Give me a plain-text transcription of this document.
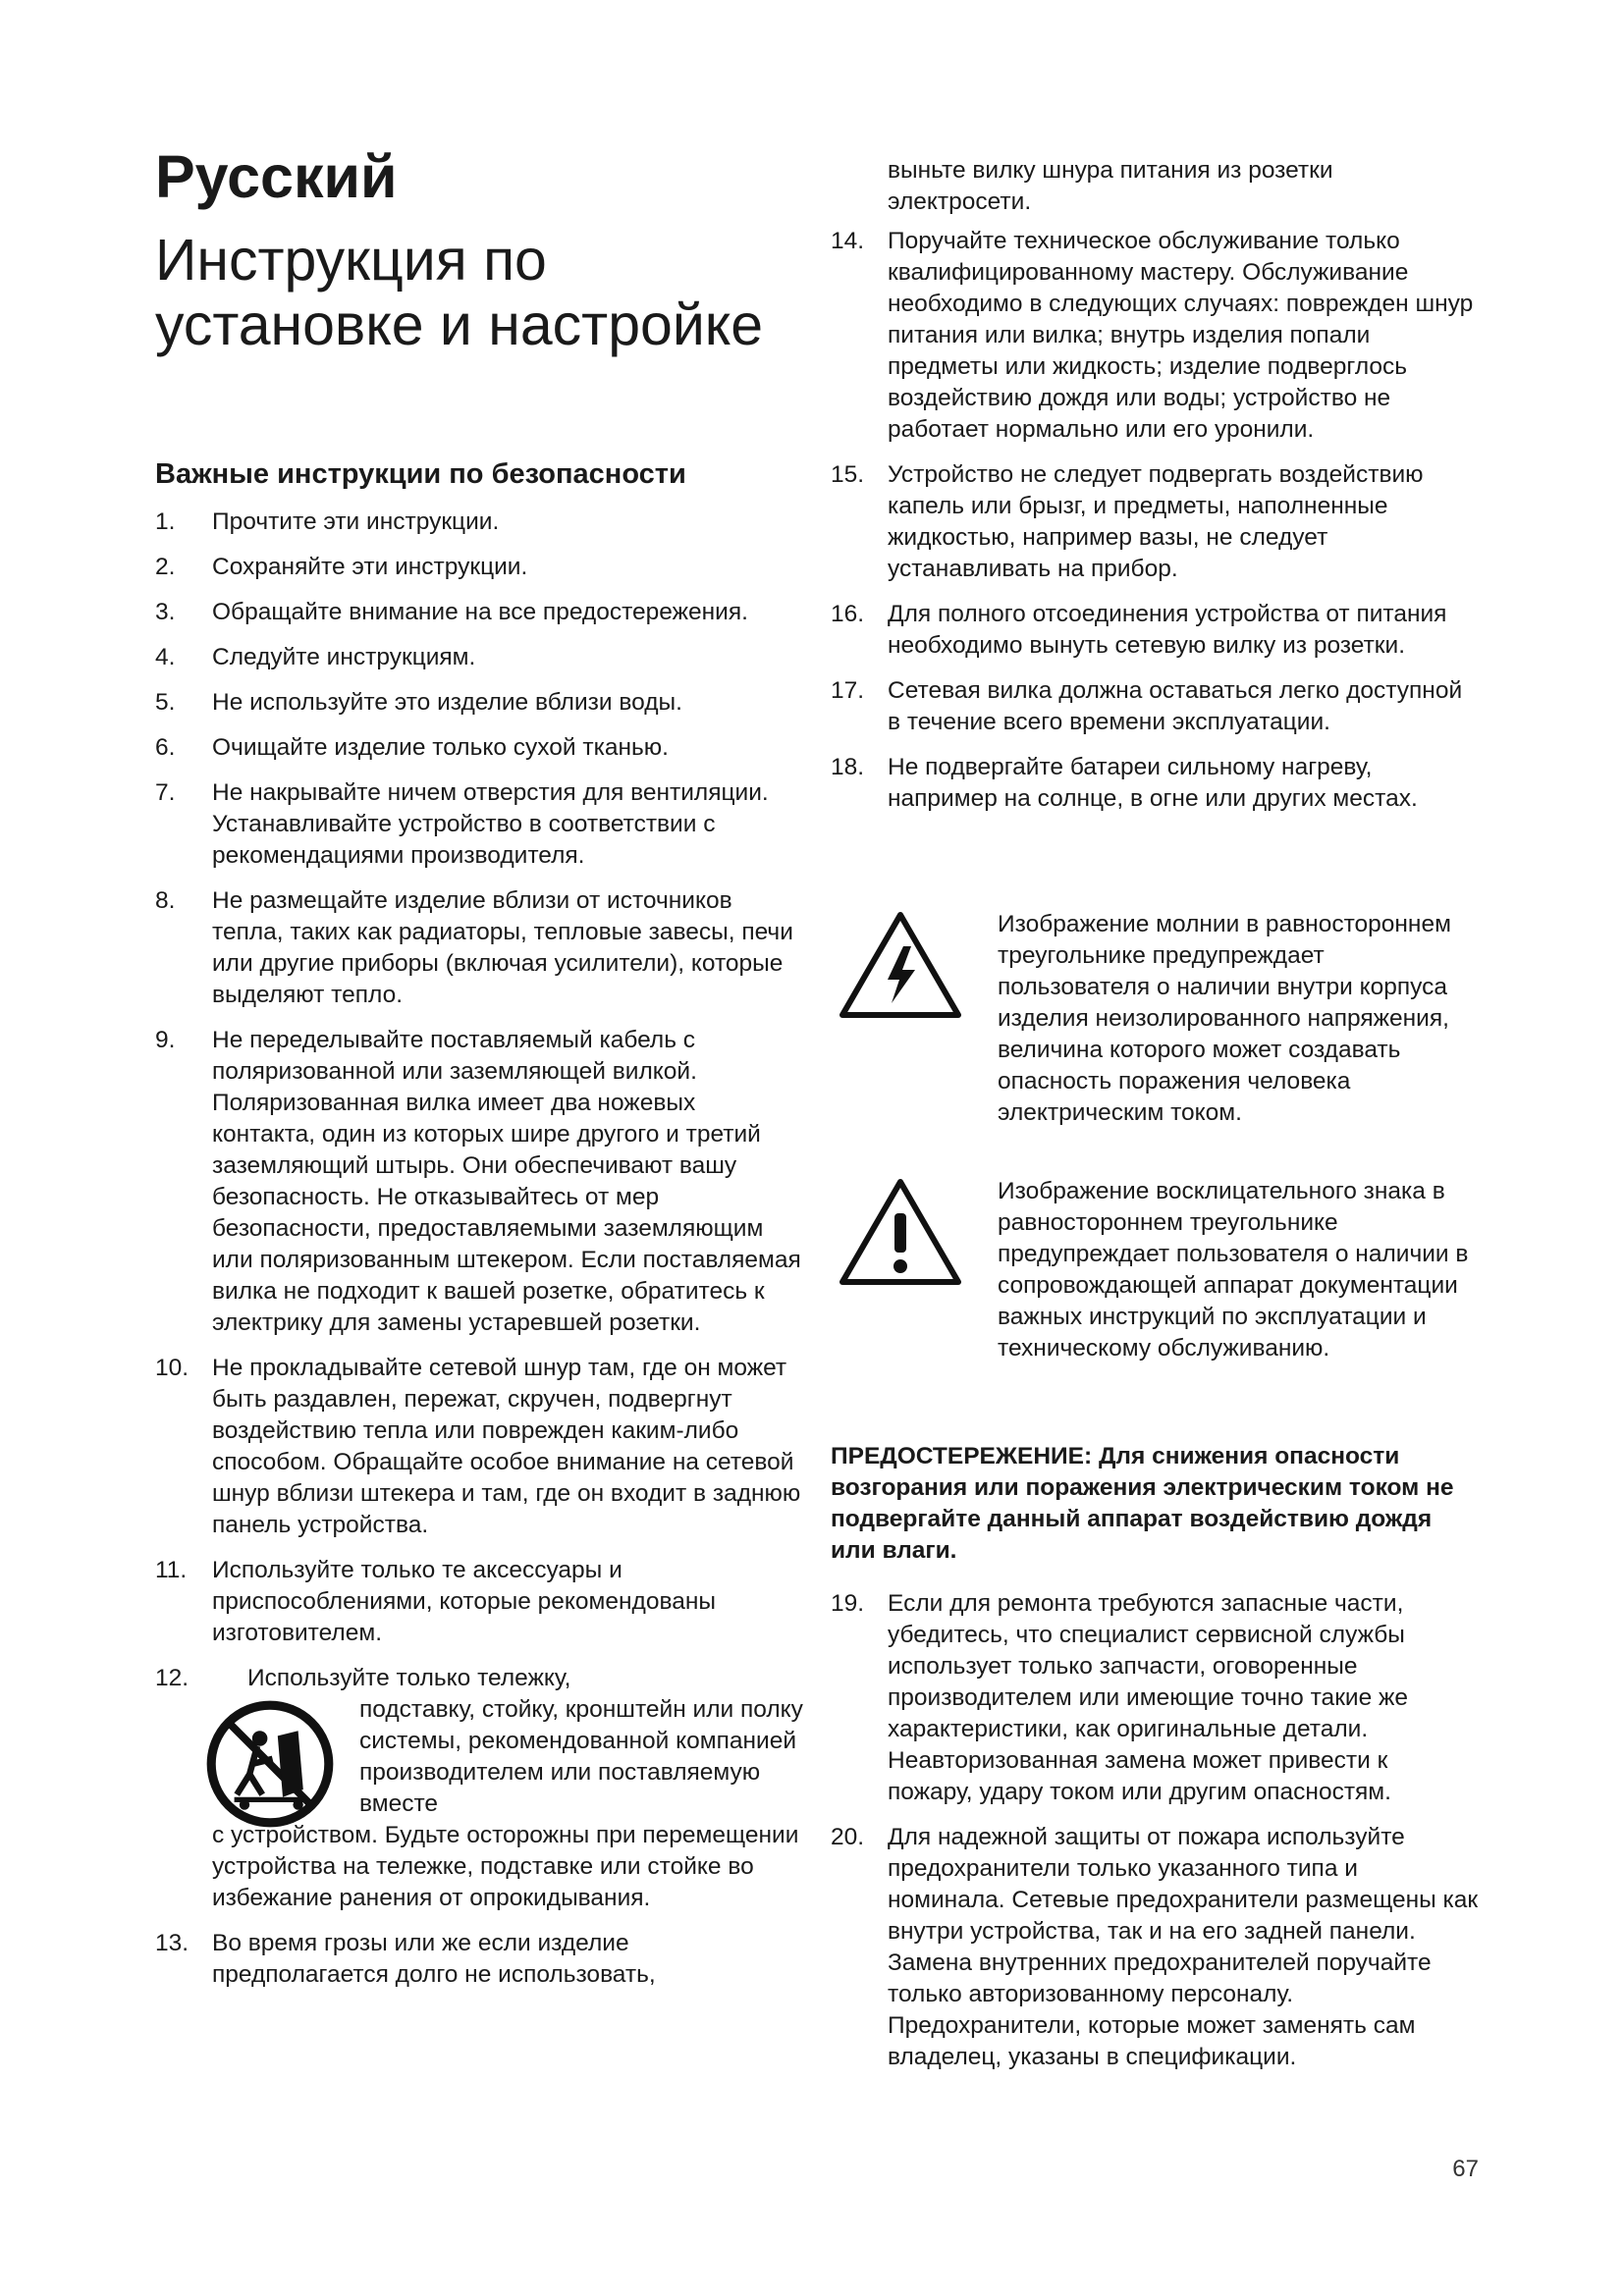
Русский
Инструкция по установке и настройке
Важные инструкции по безопасности
1. Прочтите эти инструкции.
2. Сохраняйте эти инструкции.
3. Обращайте внимание на все предостережения.
4. Следуйте инструкциям.
5. Не используйте это изделие вблизи воды.
6. Очищайте изделие только сухой тканью.
7. Не накрывайте ничем отверстия для вентиляции. Устанавливайте устройство в соответствии с рекомендациями производителя.
8. Не размещайте изделие вблизи от источников тепла, таких как радиаторы, тепловые завесы, печи или другие приборы (включая усилители), которые выделяют тепло.
9. Не переделывайте поставляемый кабель с поляризованной или заземляющей вилкой. Поляризованная вилка имеет два ножевых контакта, один из которых шире другого и третий заземляющий штырь. Они обеспечивают вашу безопасность. Не отказывайтесь от мер безопасности, предоставляемыми заземляющим или поляризованным штекером. Если поставляемая вилка не подходит к вашей розетке, обратитесь к электрику для замены устаревшей розетки.
10. Не прокладывайте сетевой шнур там, где он может быть раздавлен, пережат, скручен, подвергнут воздействию тепла или поврежден каким-либо способом. Обращайте особое внимание на сетевой шнур вблизи штекера и там, где он входит в заднюю панель устройства.
11. Используйте только те аксессуары и приспособлениями, которые рекомендованы изготовителем.
12.	Используйте только тележку,
подставку, стойку, кронштейн или полку системы, рекомендованной компанией производителем или поставляемую вместе
с устройством. Будьте осторожны при перемещении устройства на тележке, подставке или стойке во избежание ранения от опрокидывания.
13. Во время грозы или же если изделие предполагается долго не использовать,

выньте вилку шнура питания из розетки электросети.

14. Поручайте техническое обслуживание только квалифицированному мастеру. Обслуживание необходимо в следующих случаях: поврежден шнур питания или вилка; внутрь изделия попали предметы или жидкость; изделие подверглось воздействию дождя или воды; устройство не работает нормально или его уронили.
15. Устройство не следует подвергать воздействию капель или брызг, и предметы, наполненные жидкостью, например вазы, не следует устанавливать на прибор.
16. Для полного отсоединения устройства от питания необходимо вынуть сетевую вилку из розетки.
17. Сетевая вилка должна оставаться легко доступной в течение всего времени эксплуатации.
18. Не подвергайте батареи сильному нагреву, например на солнце, в огне или других местах.

Изображение молнии в равностороннем треугольнике предупреждает пользователя о наличии внутри корпуса изделия неизолированного напряжения, величина которого может создавать опасность поражения человека электрическим током.

Изображение восклицательного знака в равностороннем треугольнике предупреждает пользователя о наличии в сопровождающей аппарат документации важных инструкций по эксплуатации и техническому обслуживанию.

ПРЕДОСТЕРЕЖЕНИЕ: Для снижения опасности возгорания или поражения электрическим током не подвергайте данный аппарат воздействию дождя или влаги.

19. Если для ремонта требуются запасные части, убедитесь, что специалист сервисной службы использует только запчасти, оговоренные производителем или имеющие точно такие же характеристики, как оригинальные детали. Неавторизованная замена может привести к пожару, удару током или другим опасностям.
20. Для надежной защиты от пожара используйте предохранители только указанного типа и номинала. Сетевые предохранители размещены как внутри устройства, так и на его задней панели. Замена внутренних предохранителей поручайте только авторизованному персоналу. Предохранители, которые может заменять сам владелец, указаны в спецификации.

67
